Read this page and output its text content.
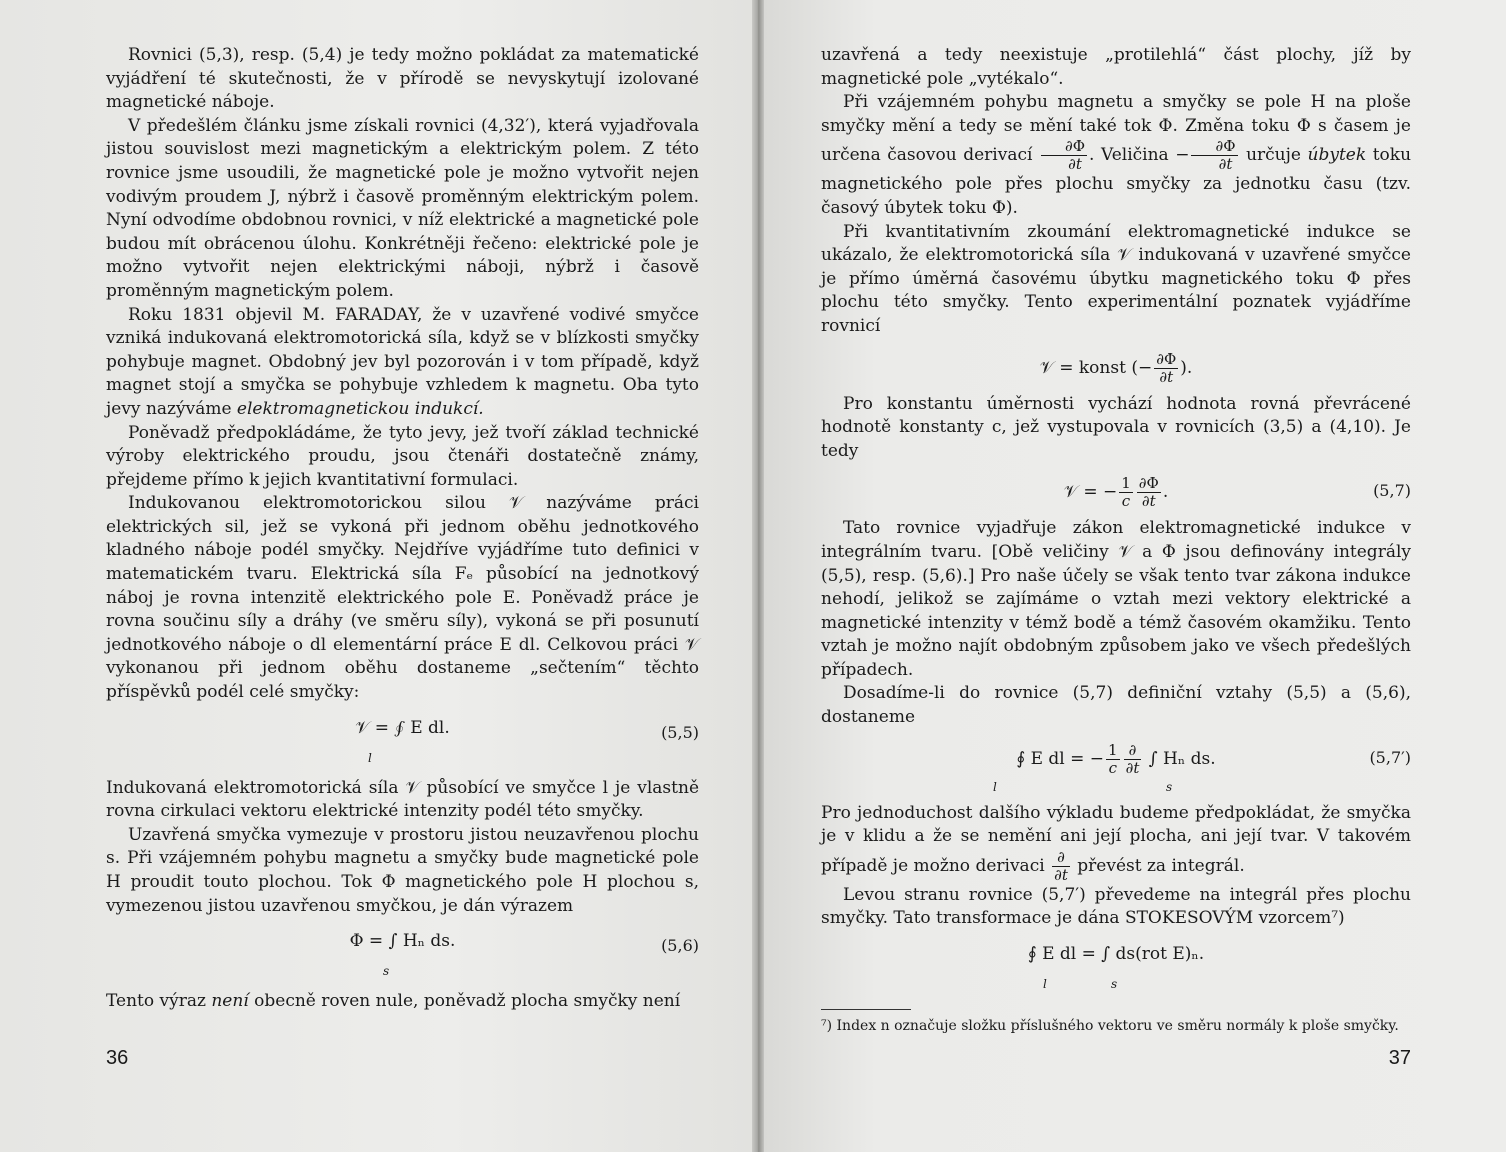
Rovnici (5,3), resp. (5,4) je tedy možno pokládat za matematické vyjádření té skutečnosti, že v přírodě se nevyskytují izolované magnetické náboje.

V předešlém článku jsme získali rovnici (4,32′), která vyjadřovala jistou souvislost mezi magnetickým a elektrickým polem. Z této rovnice jsme usoudili, že magnetické pole je možno vytvořit nejen vodivým proudem J, nýbrž i časově proměnným elektrickým polem. Nyní odvodíme obdobnou rovnici, v níž elektrické a magnetické pole budou mít obrácenou úlohu. Konkrétněji řečeno: elektrické pole je možno vytvořit nejen elektrickými náboji, nýbrž i časově proměnným magnetickým polem.

Roku 1831 objevil M. FARADAY, že v uzavřené vodivé smyčce vzniká indukovaná elektromotorická síla, když se v blízkosti smyčky pohybuje magnet. Obdobný jev byl pozorován i v tom případě, když magnet stojí a smyčka se pohybuje vzhledem k magnetu. Oba tyto jevy nazýváme elektromagnetickou indukcí.

Poněvadž předpokládáme, že tyto jevy, jež tvoří základ technické výroby elektrického proudu, jsou čtenáři dostatečně známy, přejdeme přímo k jejich kvantitativní formulaci.

Indukovanou elektromotorickou silou 𝒱 nazýváme práci elektrických sil, jež se vykoná při jednom oběhu jednotkového kladného náboje podél smyčky. Nejdříve vyjádříme tuto definici v matematickém tvaru. Elektrická síla Fₑ působící na jednotkový náboj je rovna intenzitě elektrického pole E. Poněvadž práce je rovna součinu síly a dráhy (ve směru síly), vykoná se při posunutí jednotkového náboje o dl elementární práce E dl. Celkovou práci 𝒱 vykonanou při jednom oběhu dostaneme „sečtením“ těchto příspěvků podél celé smyčky:

𝒱 = ∮ E dl.
l
(5,5)

Indukovaná elektromotorická síla 𝒱 působící ve smyčce l je vlastně rovna cirkulaci vektoru elektrické intenzity podél této smyčky.

Uzavřená smyčka vymezuje v prostoru jistou neuzavřenou plochu s. Při vzájemném pohybu magnetu a smyčky bude magnetické pole H proudit touto plochou. Tok Φ magnetického pole H plochou s, vymezenou jistou uzavřenou smyčkou, je dán výrazem

Φ = ∫ Hₙ ds.
s
(5,6)

Tento výraz není obecně roven nule, poněvadž plocha smyčky není

36

uzavřená a tedy neexistuje „protilehlá“ část plochy, jíž by magnetické pole „vytékalo“.

Při vzájemném pohybu magnetu a smyčky se pole H na ploše smyčky mění a tedy se mění také tok Φ. Změna toku Φ s časem je určena časovou derivací $\frac{\partial\Phi}{\partial t}$ . Veličina − $\frac{\partial\Phi}{\partial t}$ určuje úbytek toku magnetického pole přes plochu smyčky za jednotku času (tzv. časový úbytek toku Φ).

Při kvantitativním zkoumání elektromagnetické indukce se ukázalo, že elektromotorická síla 𝒱 indukovaná v uzavřené smyčce je přímo úměrná časovému úbytku magnetického toku Φ přes plochu této smyčky. Tento experimentální poznatek vyjádříme rovnicí

𝒱 = konst (− $\frac{\partial\Phi}{\partial t}$ ).

Pro konstantu úměrnosti vychází hodnota rovná převrácené hodnotě konstanty c, jež vystupovala v rovnicích (3,5) a (4,10). Je tedy

𝒱 = − $\frac{1}{c} \frac{\partial\Phi}{\partial t}$ .	(5,7)

Tato rovnice vyjadřuje zákon elektromagnetické indukce v integrálním tvaru. [Obě veličiny 𝒱 a Φ jsou definovány integrály (5,5), resp. (5,6).] Pro naše účely se však tento tvar zákona indukce nehodí, jelikož se zajímáme o vztah mezi vektory elektrické a magnetické intenzity v témž bodě a témž časovém okamžiku. Tento vztah je možno najít obdobným způsobem jako ve všech předešlých případech.

Dosadíme-li do rovnice (5,7) definiční vztahy (5,5) a (5,6), dostaneme

∮ E dl = − $\frac{1}{c} \frac{\partial}{\partial t}$ ∫ Hₙ ds.
l	s
(5,7′)

Pro jednoduchost dalšího výkladu budeme předpokládat, že smyčka je v klidu a že se nemění ani její plocha, ani její tvar. V takovém případě je možno derivaci $\frac{\partial}{\partial t}$ převést za integrál.

Levou stranu rovnice (5,7′) převedeme na integrál přes plochu smyčky. Tato transformace je dána STOKESOVÝM vzorcem⁷)

∮ E dl = ∫ ds(rot E)ₙ.
l	s

⁷) Index n označuje složku příslušného vektoru ve směru normály k ploše smyčky.

37
